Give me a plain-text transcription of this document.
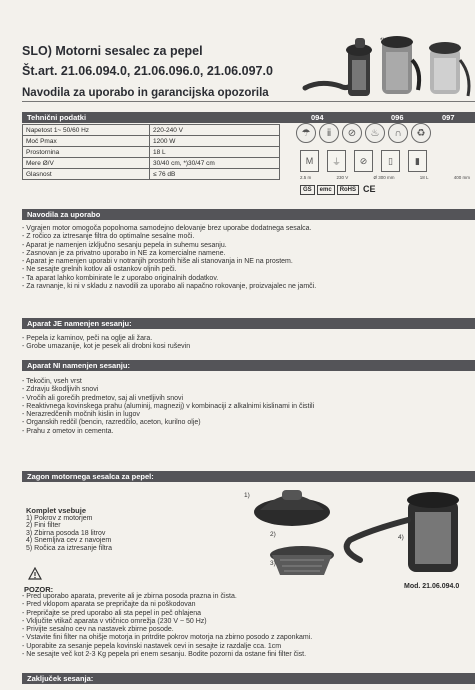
SLO) Motorni sesalec za pepel
Št.art. 21.06.094.0, 21.06.096.0, 21.06.097.0
Navodila za uporabo in garancijska opozorila
*)
Tehnični podatki	094	096	097
Napetost 1~ 50/60 Hz	220-240 V
Moč Pmax	1200 W
Prostornina	18 L
Mere Ø/V	30/40 cm, *)30/47 cm
Glasnost	≤ 76 dB
☂	ⅱ	⊘	♨	∩	♻
M	⏚	⊘	▯	▮
2.5 m	230 V	Ø 300 mm	18 L	400 mm
GS	emc	RoHS CE
Navodila za uporabo
- Vgrajen motor omogoča popolnoma samodejno delovanje brez uporabe dodatnega sesalca.
- Z ročico za iztresanje filtra do optimalne sesalne moči.
- Aparat je namenjen izključno sesanju pepela in suhemu sesanju.
- Zasnovan je za privatno uporabo in NE za komercialne namene.
- Aparat je namenjen uporabi v notranjih prostorih hiše ali stanovanja in NE na prostem.
- Ne sesajte grelnih kotlov ali ostankov oljnih peči.
- Ta aparat lahko kombinirate le z uporabo originalnih dodatkov.
- Za ravnanje, ki ni v skladu z navodili za uporabo ali napačno rokovanje, proizvajalec ne jamči.
Aparat JE namenjen sesanju:
- Pepela iz kaminov, peči na oglje ali žara.
- Grobe umazanije, kot je pesek ali drobni kosi ruševin
Aparat NI namenjen sesanju:
- Tekočin, vseh vrst
- Zdravju škodljivih snovi
- Vročih ali gorečih predmetov, saj ali vnetljivih snovi
- Reaktivnega kovinskega prahu (aluminij, magnezij) v kombinaciji z alkalnimi kislinami in čistili
- Nerazredčenih močnih kislin in lugov
- Organskih redčil (bencin, razredčilo, aceton, kurilno olje)
- Prahu z ometov in cementa.
Zagon motornega sesalca za pepel:
Komplet vsebuje
1) Pokrov z motorjem
2) Fini filter
3) Zbirna posoda 18 litrov
4) Snemljiva cev z navojem
5) Ročica za iztresanje filtra
1)
2)
3)
4)
Mod. 21.06.094.0
POZOR:
- Pred uporabo aparata, preverite ali je zbirna posoda prazna in čista.
- Pred vklopom aparata se prepričajte da ni poškodovan
- Prepričajte se pred uporabo ali sta pepel in peč ohlajena
- Vključite vtikač aparata v vtičnico omrežja (230 V ~ 50 Hz)
- Privijte sesalno cev na nastavek zbirne posode.
- Vstavite fini filter na ohišje motorja in pritrdite pokrov motorja na zbirno posodo z zaponkami.
- Uporabite za sesanje pepela kovinski nastavek cevi in sesajte iz razdalje cca. 1cm
- Ne sesajte več kot 2-3 Kg pepela pri enem sesanju. Bodite pozorni da ostane fini filter čist.
Zaključek sesanja:
